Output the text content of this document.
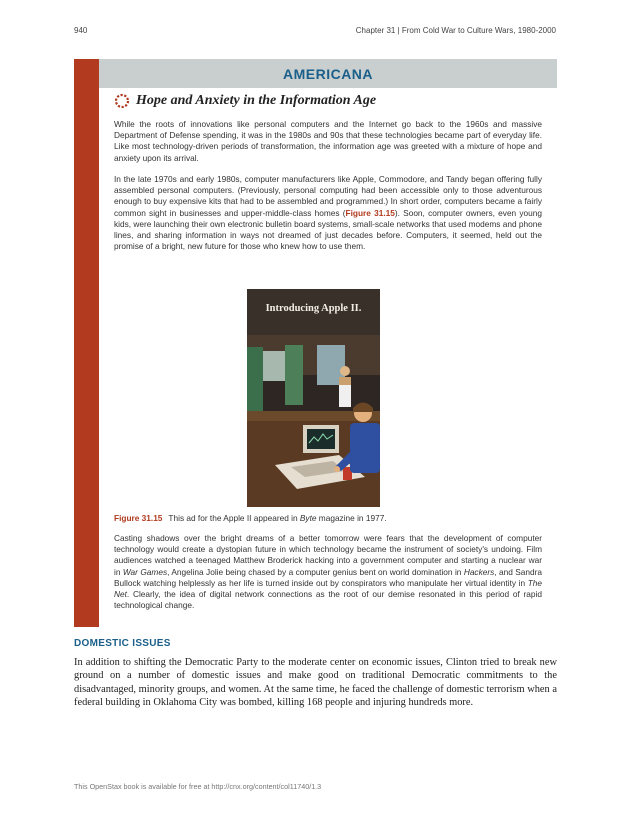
940	Chapter 31 | From Cold War to Culture Wars, 1980-2000
AMERICANA
Hope and Anxiety in the Information Age

While the roots of innovations like personal computers and the Internet go back to the 1960s and massive Department of Defense spending, it was in the 1980s and 90s that these technologies became part of everyday life. Like most technology-driven periods of transformation, the information age was greeted with a mixture of hope and anxiety upon its arrival.

In the late 1970s and early 1980s, computer manufacturers like Apple, Commodore, and Tandy began offering fully assembled personal computers. (Previously, personal computing had been accessible only to those adventurous enough to buy expensive kits that had to be assembled and programmed.) In short order, computers became a fairly common sight in businesses and upper-middle-class homes (Figure 31.15). Soon, computer owners, even young kids, were launching their own electronic bulletin board systems, small-scale networks that used modems and phone lines, and sharing information in ways not dreamed of just decades before. Computers, it seemed, held out the promise of a bright, new future for those who knew how to use them.

Introducing Apple II.

Figure 31.15 This ad for the Apple II appeared in Byte magazine in 1977.

Casting shadows over the bright dreams of a better tomorrow were fears that the development of computer technology would create a dystopian future in which technology became the instrument of society's undoing. Film audiences watched a teenaged Matthew Broderick hacking into a government computer and starting a nuclear war in War Games, Angelina Jolie being chased by a computer genius bent on world domination in Hackers, and Sandra Bullock watching helplessly as her life is turned inside out by conspirators who manipulate her virtual identity in The Net. Clearly, the idea of digital network connections as the root of our demise resonated in this period of rapid technological change.

DOMESTIC ISSUES

In addition to shifting the Democratic Party to the moderate center on economic issues, Clinton tried to break new ground on a number of domestic issues and make good on traditional Democratic commitments to the disadvantaged, minority groups, and women. At the same time, he faced the challenge of domestic terrorism when a federal building in Oklahoma City was bombed, killing 168 people and injuring hundreds more.

This OpenStax book is available for free at http://cnx.org/content/col11740/1.3
